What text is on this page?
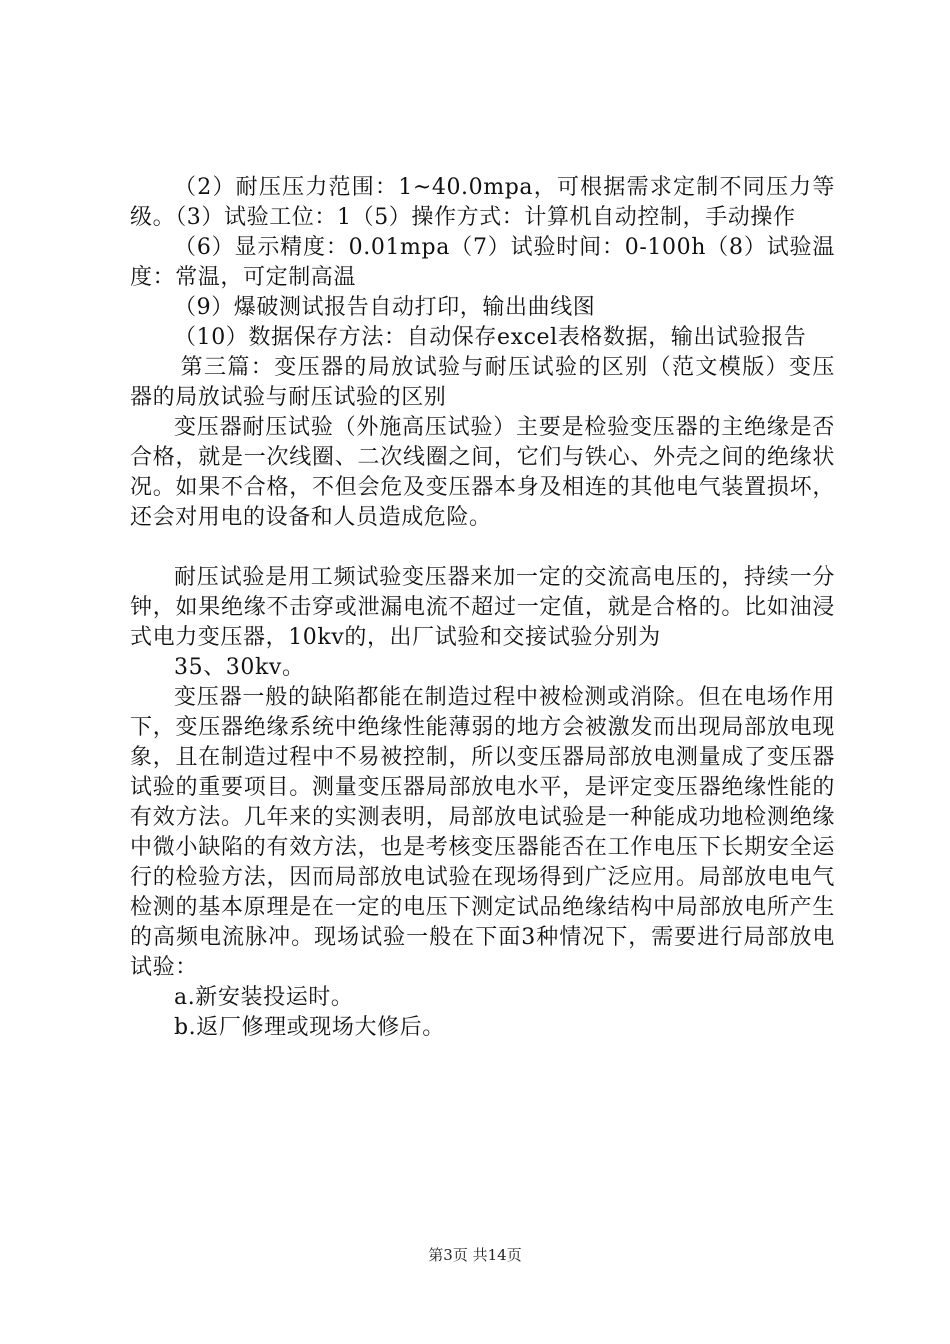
（2）耐压压力范围：1~40.0mpa，可根据需求定制不同压力等级。（3）试验工位：1（5）操作方式：计算机自动控制，手动操作

（6）显示精度：0.01mpa（7）试验时间：0-100h（8）试验温度：常温，可定制高温

（9）爆破测试报告自动打印，输出曲线图

（10）数据保存方法：自动保存excel表格数据，输出试验报告

第三篇：变压器的局放试验与耐压试验的区别（范文模版）变压器的局放试验与耐压试验的区别

变压器耐压试验（外施高压试验）主要是检验变压器的主绝缘是否合格，就是一次线圈、二次线圈之间，它们与铁心、外壳之间的绝缘状况。如果不合格，不但会危及变压器本身及相连的其他电气装置损坏，还会对用电的设备和人员造成危险。

耐压试验是用工频试验变压器来加一定的交流高电压的，持续一分钟，如果绝缘不击穿或泄漏电流不超过一定值，就是合格的。比如油浸式电力变压器，10kv的，出厂试验和交接试验分别为

35、30kv。

变压器一般的缺陷都能在制造过程中被检测或消除。但在电场作用下，变压器绝缘系统中绝缘性能薄弱的地方会被激发而出现局部放电现象，且在制造过程中不易被控制，所以变压器局部放电测量成了变压器试验的重要项目。测量变压器局部放电水平，是评定变压器绝缘性能的有效方法。几年来的实测表明，局部放电试验是一种能成功地检测绝缘中微小缺陷的有效方法，也是考核变压器能否在工作电压下长期安全运行的检验方法，因而局部放电试验在现场得到广泛应用。局部放电电气检测的基本原理是在一定的电压下测定试品绝缘结构中局部放电所产生的高频电流脉冲。现场试验一般在下面3种情况下，需要进行局部放电试验：

a.新安装投运时。

b.返厂修理或现场大修后。

第3页 共14页
